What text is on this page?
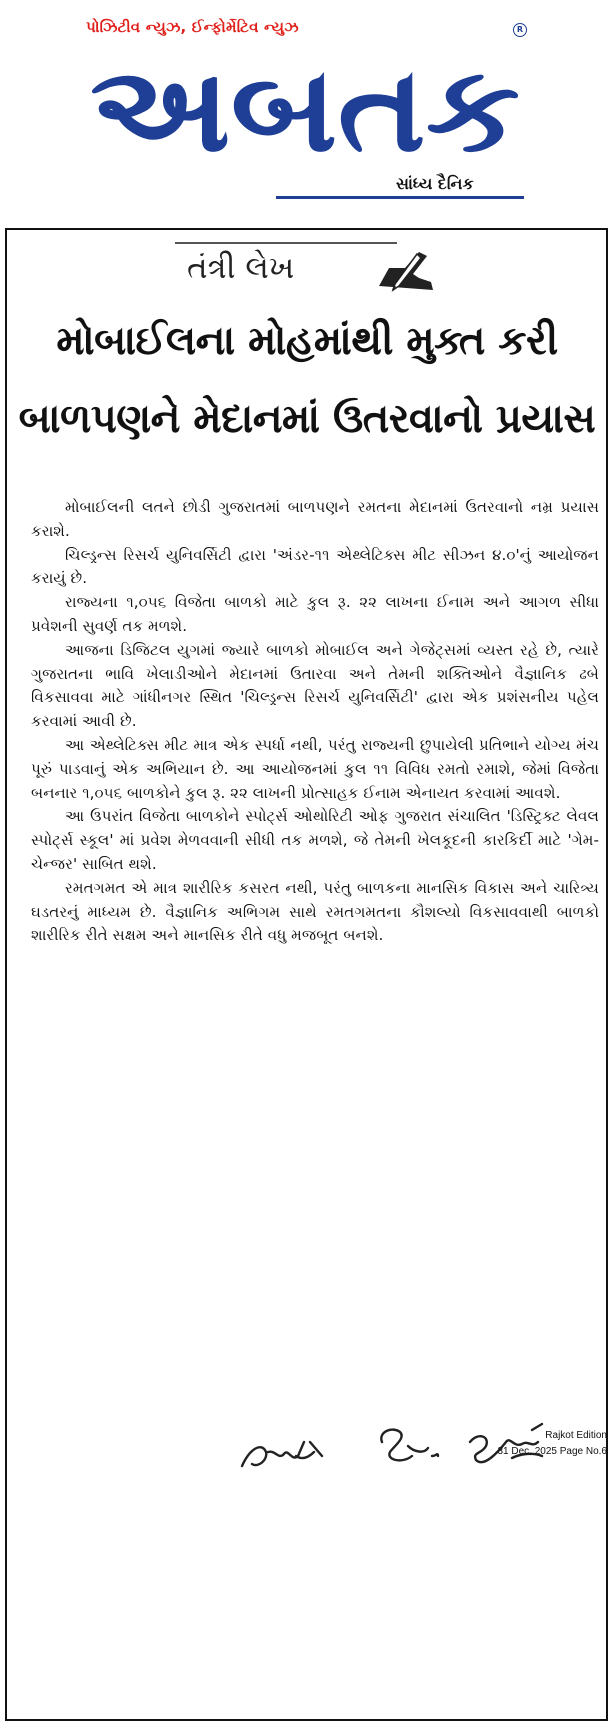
પોઝિટીવ ન્યુઝ, ઈન્ફોર્મેટિવ ન્યુઝ	R
અબતક
સાંધ્ય દૈનિક
તંત્રી લેખ
મોબાઈલના મોહમાંથી મુક્ત કરી
બાળપણને મેદાનમાં ઉતરવાનો પ્રયાસ

મોબાઈલની લતને છોડી ગુજરાતમાં બાળપણને રમતના મેદાનમાં ઉતરવાનો નમ્ર પ્રયાસ કરાશે.

ચિલ્ડ્રન્સ રિસર્ચ યુનિવર્સિટી દ્વારા 'અંડર-૧૧ એથ્લેટિક્સ મીટ સીઝન ૪.૦'નું આયોજન કરાયું છે.

રાજ્યના ૧,૦૫૬ વિજેતા બાળકો માટે કુલ રૂ. ૨૨ લાખના ઈનામ અને આગળ સીધા પ્રવેશની સુવર્ણ તક મળશે.

આજના ડિજિટલ યુગમાં જ્યારે બાળકો મોબાઈલ અને ગેજેટ્સમાં વ્યસ્ત રહે છે, ત્યારે ગુજરાતના ભાવિ ખેલાડીઓને મેદાનમાં ઉતારવા અને તેમની શક્તિઓને વૈજ્ઞાનિક ઢબે વિકસાવવા માટે ગાંધીનગર સ્થિત 'ચિલ્ડ્રન્સ રિસર્ચ યુનિવર્સિટી' દ્વારા એક પ્રશંસનીય પહેલ કરવામાં આવી છે.

આ એથ્લેટિક્સ મીટ માત્ર એક સ્પર્ધા નથી, પરંતુ રાજ્યની છુપાયેલી પ્રતિભાને યોગ્ય મંચ પૂરું પાડવાનું એક અભિયાન છે. આ આયોજનમાં કુલ ૧૧ વિવિધ રમતો રમાશે, જેમાં વિજેતા બનનાર ૧,૦૫૬ બાળકોને કુલ રૂ. ૨૨ લાખની પ્રોત્સાહક ઈનામ એનાયત કરવામાં આવશે.

આ ઉપરાંત વિજેતા બાળકોને સ્પોર્ટ્સ ઓથોરિટી ઓફ ગુજરાત સંચાલિત 'ડિસ્ટ્રિક્ટ લેવલ સ્પોર્ટ્સ સ્કૂલ' માં પ્રવેશ મેળવવાની સીધી તક મળશે, જે તેમની ખેલકૂદની કારકિર્દી માટે 'ગેમ-ચેન્જર' સાબિત થશે.

રમતગમત એ માત્ર શારીરિક કસરત નથી, પરંતુ બાળકના માનસિક વિકાસ અને ચારિત્ર્ય ઘડતરનું માધ્યમ છે. વૈજ્ઞાનિક અભિગમ સાથે રમતગમતના કૌશલ્યો વિકસાવવાથી બાળકો શારીરિક રીતે સક્ષમ અને માનસિક રીતે વધુ મજબૂત બનશે.

Rajkot Edition
31 Dec, 2025 Page No.6
